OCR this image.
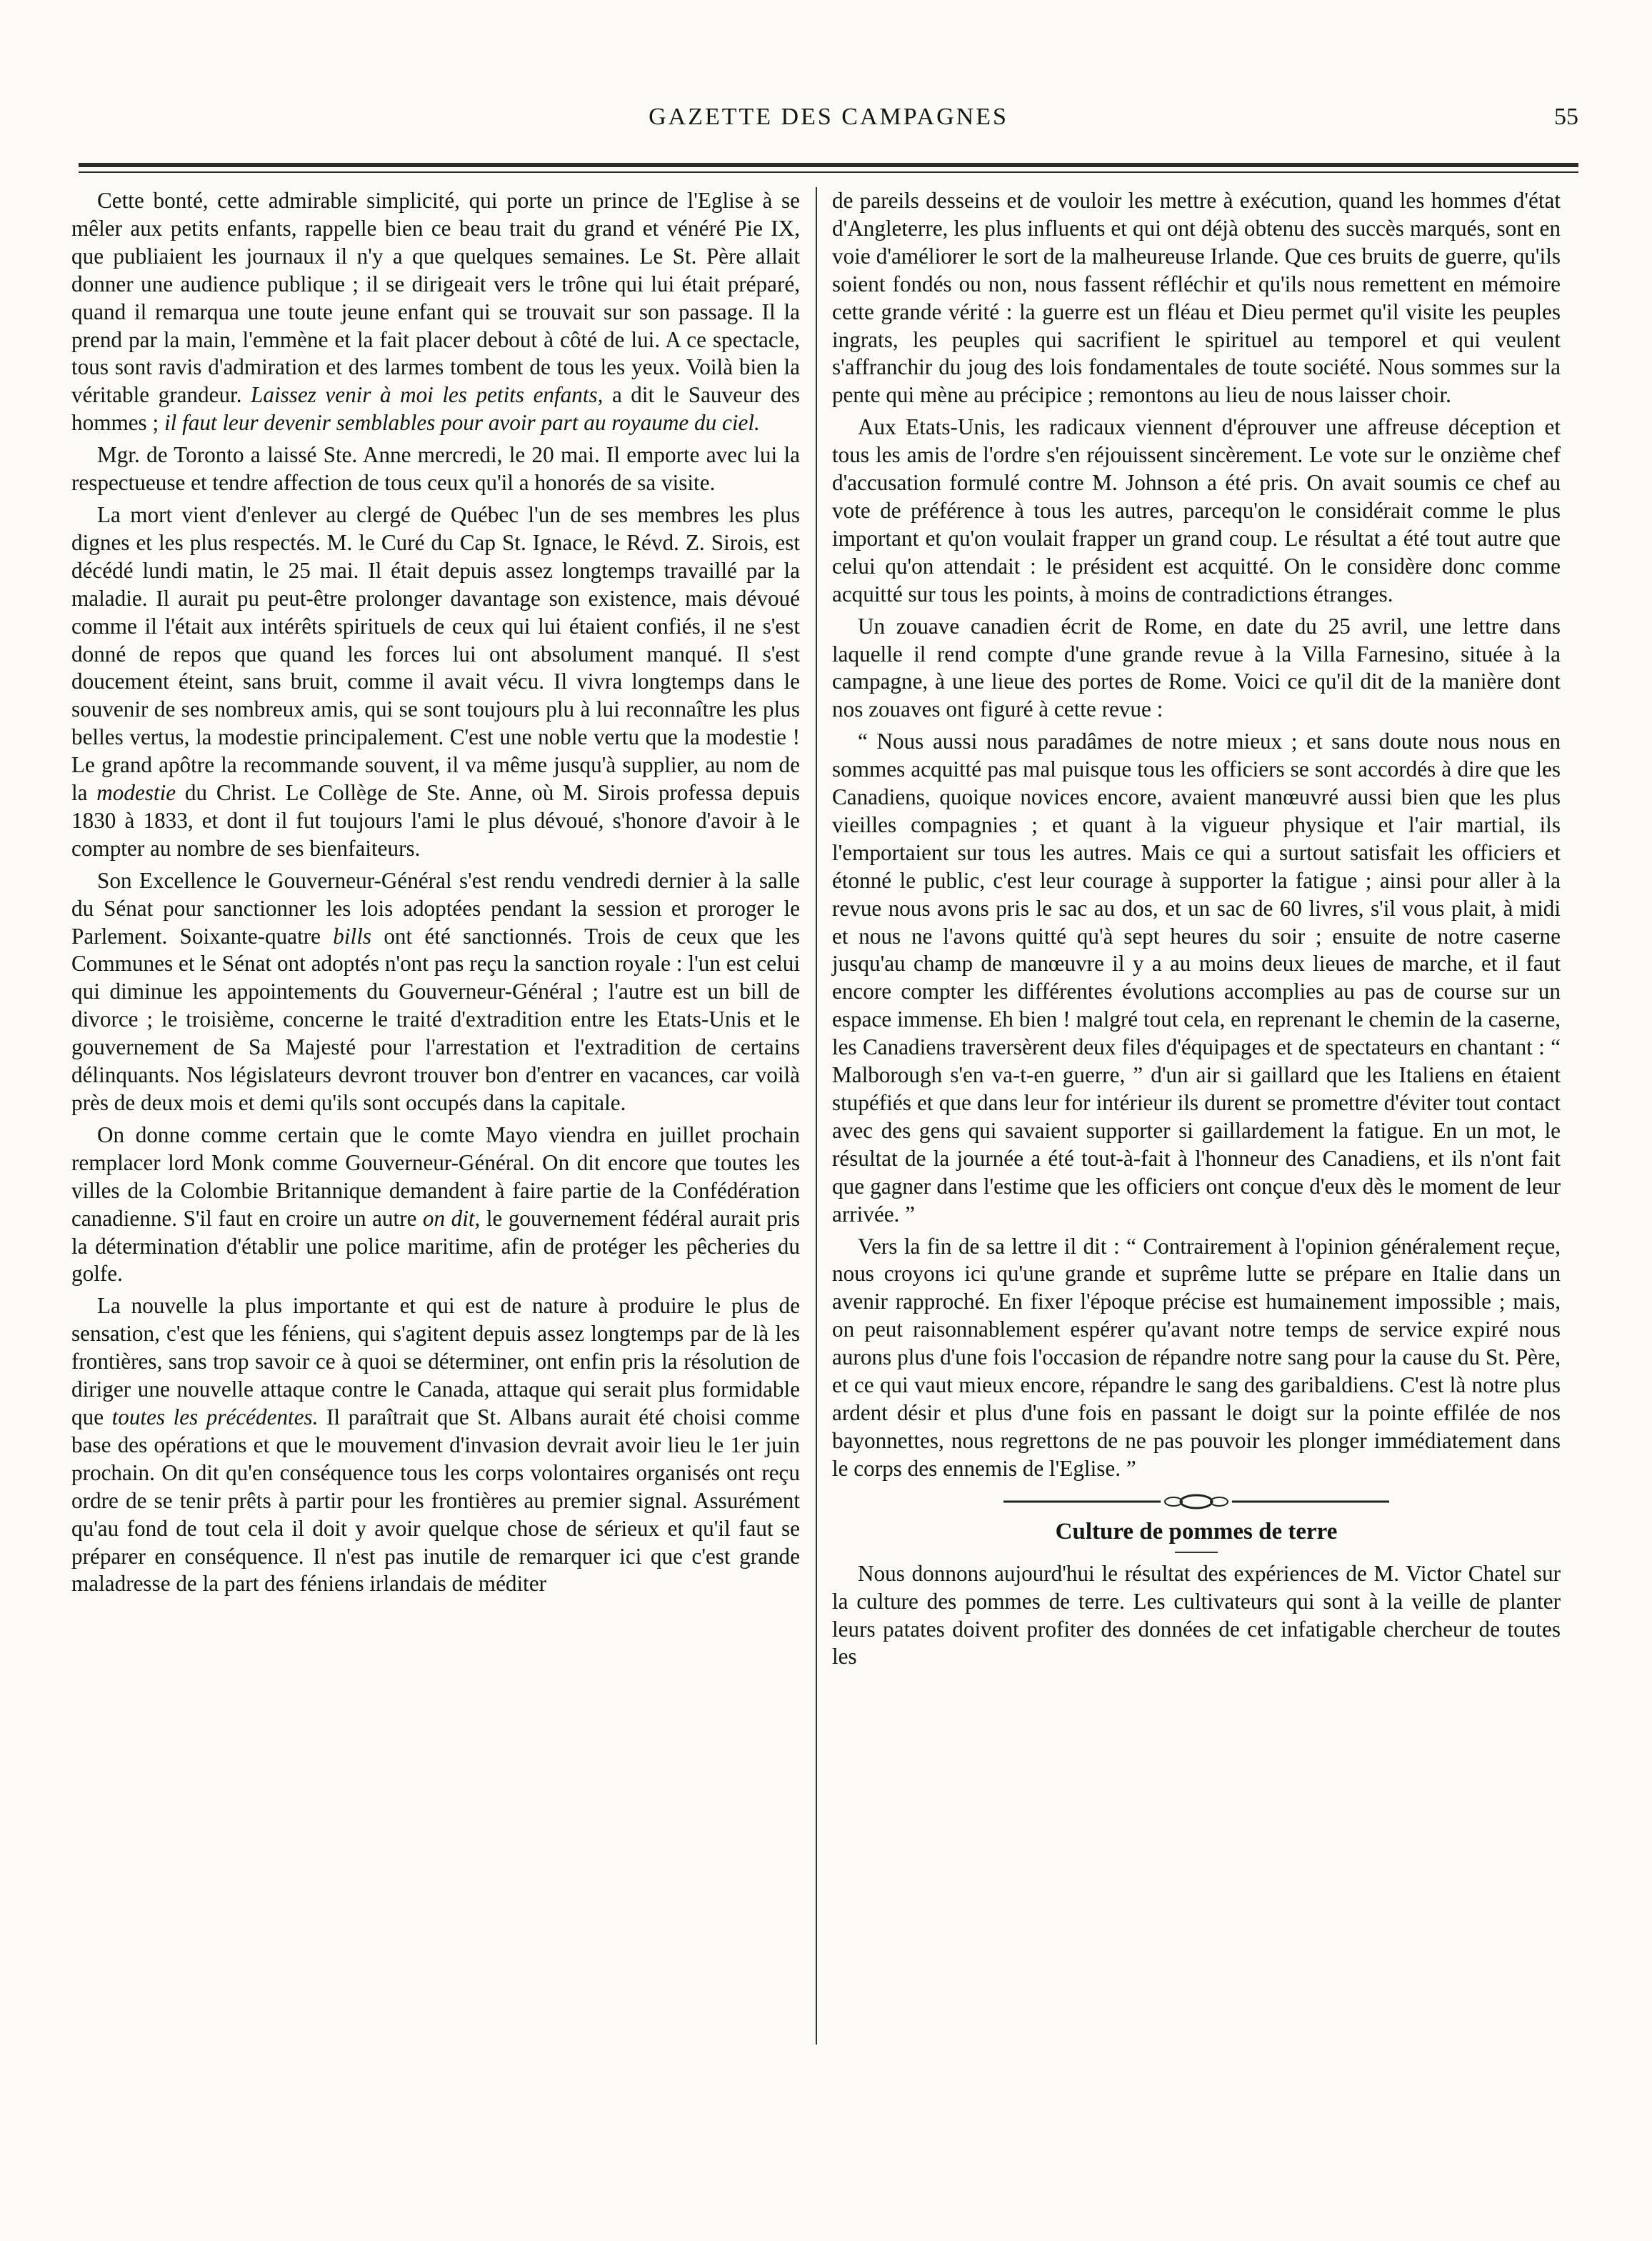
GAZETTE DES CAMPAGNES	55

Cette bonté, cette admirable simplicité, qui porte un prince de l'Eglise à se mêler aux petits enfants, rappelle bien ce beau trait du grand et vénéré Pie IX, que publiaient les journaux il n'y a que quelques semaines. Le St. Père allait donner une audience publique ; il se dirigeait vers le trône qui lui était préparé, quand il remarqua une toute jeune enfant qui se trouvait sur son passage. Il la prend par la main, l'emmène et la fait placer debout à côté de lui. A ce spectacle, tous sont ravis d'admiration et des larmes tombent de tous les yeux. Voilà bien la véritable grandeur. Laissez venir à moi les petits enfants, a dit le Sauveur des hommes ; il faut leur devenir semblables pour avoir part au royaume du ciel.

Mgr. de Toronto a laissé Ste. Anne mercredi, le 20 mai. Il emporte avec lui la respectueuse et tendre affection de tous ceux qu'il a honorés de sa visite.

La mort vient d'enlever au clergé de Québec l'un de ses membres les plus dignes et les plus respectés. M. le Curé du Cap St. Ignace, le Révd. Z. Sirois, est décédé lundi matin, le 25 mai. Il était depuis assez longtemps travaillé par la maladie. Il aurait pu peut-être prolonger davantage son existence, mais dévoué comme il l'était aux intérêts spirituels de ceux qui lui étaient confiés, il ne s'est donné de repos que quand les forces lui ont absolument manqué. Il s'est doucement éteint, sans bruit, comme il avait vécu. Il vivra longtemps dans le souvenir de ses nombreux amis, qui se sont toujours plu à lui reconnaître les plus belles vertus, la modestie principalement. C'est une noble vertu que la modestie ! Le grand apôtre la recommande souvent, il va même jusqu'à supplier, au nom de la modestie du Christ. Le Collège de Ste. Anne, où M. Sirois professa depuis 1830 à 1833, et dont il fut toujours l'ami le plus dévoué, s'honore d'avoir à le compter au nombre de ses bienfaiteurs.

Son Excellence le Gouverneur-Général s'est rendu vendredi dernier à la salle du Sénat pour sanctionner les lois adoptées pendant la session et proroger le Parlement. Soixante-quatre bills ont été sanctionnés. Trois de ceux que les Communes et le Sénat ont adoptés n'ont pas reçu la sanction royale : l'un est celui qui diminue les appointements du Gouverneur-Général ; l'autre est un bill de divorce ; le troisième, concerne le traité d'extradition entre les Etats-Unis et le gouvernement de Sa Majesté pour l'arrestation et l'extradition de certains délinquants. Nos législateurs devront trouver bon d'entrer en vacances, car voilà près de deux mois et demi qu'ils sont occupés dans la capitale.

On donne comme certain que le comte Mayo viendra en juillet prochain remplacer lord Monk comme Gouverneur-Général. On dit encore que toutes les villes de la Colombie Britannique demandent à faire partie de la Confédération canadienne. S'il faut en croire un autre on dit, le gouvernement fédéral aurait pris la détermination d'établir une police maritime, afin de protéger les pêcheries du golfe.

La nouvelle la plus importante et qui est de nature à produire le plus de sensation, c'est que les féniens, qui s'agitent depuis assez longtemps par de là les frontières, sans trop savoir ce à quoi se déterminer, ont enfin pris la résolution de diriger une nouvelle attaque contre le Canada, attaque qui serait plus formidable que toutes les précédentes. Il paraîtrait que St. Albans aurait été choisi comme base des opérations et que le mouvement d'invasion devrait avoir lieu le 1er juin prochain. On dit qu'en conséquence tous les corps volontaires organisés ont reçu ordre de se tenir prêts à partir pour les frontières au premier signal. Assurément qu'au fond de tout cela il doit y avoir quelque chose de sérieux et qu'il faut se préparer en conséquence. Il n'est pas inutile de remarquer ici que c'est grande maladresse de la part des féniens irlandais de méditer

de pareils desseins et de vouloir les mettre à exécution, quand les hommes d'état d'Angleterre, les plus influents et qui ont déjà obtenu des succès marqués, sont en voie d'améliorer le sort de la malheureuse Irlande. Que ces bruits de guerre, qu'ils soient fondés ou non, nous fassent réfléchir et qu'ils nous remettent en mémoire cette grande vérité : la guerre est un fléau et Dieu permet qu'il visite les peuples ingrats, les peuples qui sacrifient le spirituel au temporel et qui veulent s'affranchir du joug des lois fondamentales de toute société. Nous sommes sur la pente qui mène au précipice ; remontons au lieu de nous laisser choir.

Aux Etats-Unis, les radicaux viennent d'éprouver une affreuse déception et tous les amis de l'ordre s'en réjouissent sincèrement. Le vote sur le onzième chef d'accusation formulé contre M. Johnson a été pris. On avait soumis ce chef au vote de préférence à tous les autres, parcequ'on le considérait comme le plus important et qu'on voulait frapper un grand coup. Le résultat a été tout autre que celui qu'on attendait : le président est acquitté. On le considère donc comme acquitté sur tous les points, à moins de contradictions étranges.

Un zouave canadien écrit de Rome, en date du 25 avril, une lettre dans laquelle il rend compte d'une grande revue à la Villa Farnesino, située à la campagne, à une lieue des portes de Rome. Voici ce qu'il dit de la manière dont nos zouaves ont figuré à cette revue :

“ Nous aussi nous paradâmes de notre mieux ; et sans doute nous nous en sommes acquitté pas mal puisque tous les officiers se sont accordés à dire que les Canadiens, quoique novices encore, avaient manœuvré aussi bien que les plus vieilles compagnies ; et quant à la vigueur physique et l'air martial, ils l'emportaient sur tous les autres. Mais ce qui a surtout satisfait les officiers et étonné le public, c'est leur courage à supporter la fatigue ; ainsi pour aller à la revue nous avons pris le sac au dos, et un sac de 60 livres, s'il vous plait, à midi et nous ne l'avons quitté qu'à sept heures du soir ; ensuite de notre caserne jusqu'au champ de manœuvre il y a au moins deux lieues de marche, et il faut encore compter les différentes évolutions accomplies au pas de course sur un espace immense. Eh bien ! malgré tout cela, en reprenant le chemin de la caserne, les Canadiens traversèrent deux files d'équipages et de spectateurs en chantant : “ Malborough s'en va-t-en guerre, ” d'un air si gaillard que les Italiens en étaient stupéfiés et que dans leur for intérieur ils durent se promettre d'éviter tout contact avec des gens qui savaient supporter si gaillardement la fatigue. En un mot, le résultat de la journée a été tout-à-fait à l'honneur des Canadiens, et ils n'ont fait que gagner dans l'estime que les officiers ont conçue d'eux dès le moment de leur arrivée. ”

Vers la fin de sa lettre il dit : “ Contrairement à l'opinion généralement reçue, nous croyons ici qu'une grande et suprême lutte se prépare en Italie dans un avenir rapproché. En fixer l'époque précise est humainement impossible ; mais, on peut raisonnablement espérer qu'avant notre temps de service expiré nous aurons plus d'une fois l'occasion de répandre notre sang pour la cause du St. Père, et ce qui vaut mieux encore, répandre le sang des garibaldiens. C'est là notre plus ardent désir et plus d'une fois en passant le doigt sur la pointe effilée de nos bayonnettes, nous regrettons de ne pas pouvoir les plonger immédiatement dans le corps des ennemis de l'Eglise. ”

Culture de pommes de terre

Nous donnons aujourd'hui le résultat des expériences de M. Victor Chatel sur la culture des pommes de terre. Les cultivateurs qui sont à la veille de planter leurs patates doivent profiter des données de cet infatigable chercheur de toutes les
